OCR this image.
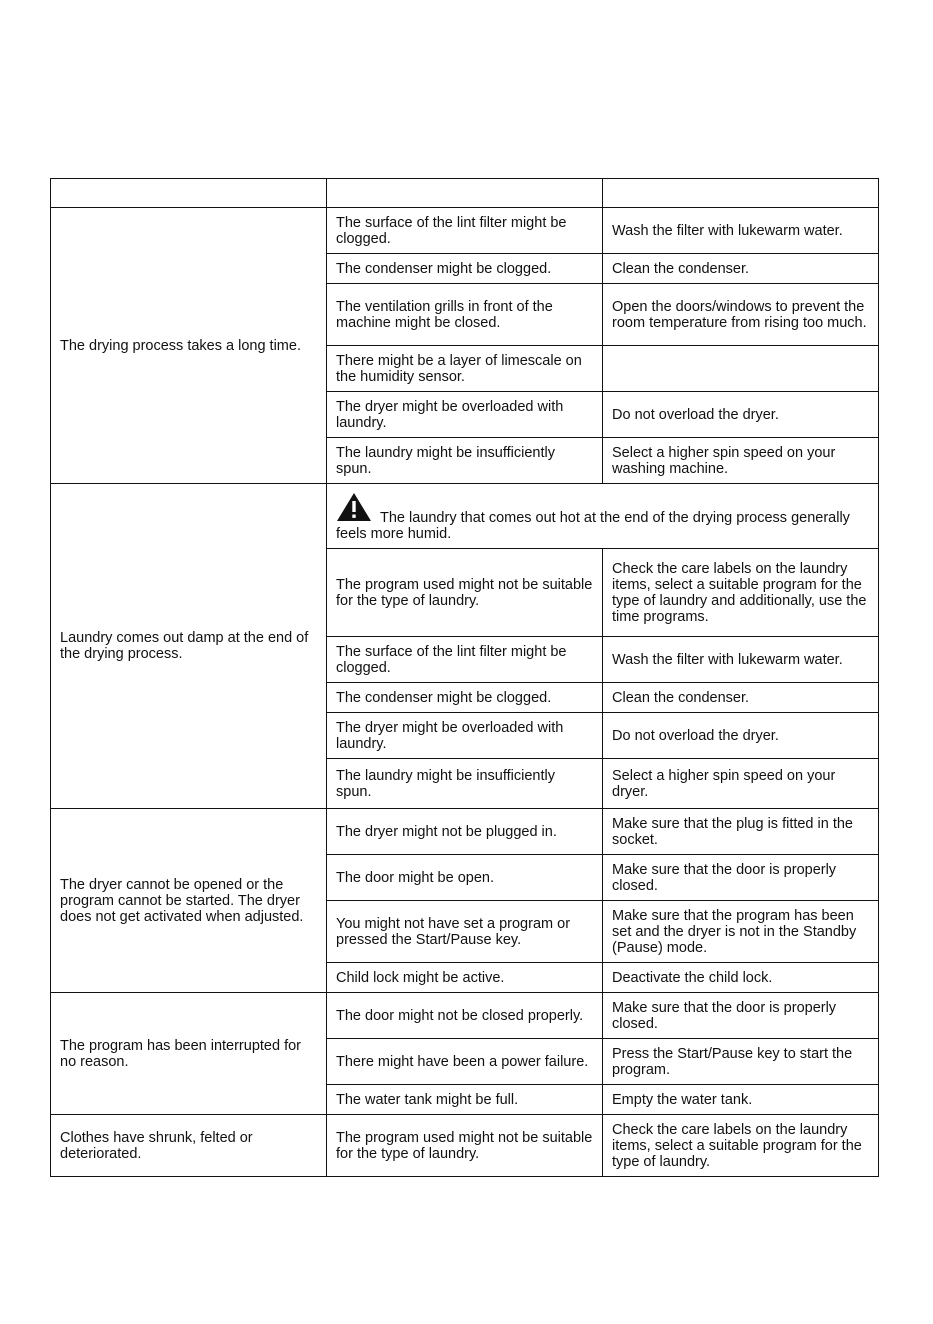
The drying process takes a long time.	The surface of the lint filter might be clogged.	Wash the filter with lukewarm water.
	The condenser might be clogged.	Clean the condenser.
	The ventilation grills in front of the machine might be closed.	Open the doors/windows to prevent the room temperature from rising too much.
	There might be a layer of limescale on the humidity sensor.	
	The dryer might be overloaded with laundry.	Do not overload the dryer.
	The laundry might be insufficiently spun.	Select a higher spin speed on your washing machine.
Laundry comes out damp at the end of the drying process.	The laundry that comes out hot at the end of the drying process generally feels more humid.	
	The program used might not be suitable for the type of laundry.	Check the care labels on the laundry items, select a suitable program for the type of laundry and additionally, use the time programs.
	The surface of the lint filter might be clogged.	Wash the filter with lukewarm water.
	The condenser might be clogged.	Clean the condenser.
	The dryer might be overloaded with laundry.	Do not overload the dryer.
	The laundry might be insufficiently spun.	Select a higher spin speed on your dryer.
The dryer cannot be opened or the program cannot be started. The dryer does not get activated when adjusted.	The dryer might not be plugged in.	Make sure that the plug is fitted in the socket.
	The door might be open.	Make sure that the door is properly closed.
	You might not have set a program or pressed the Start/Pause key.	Make sure that the program has been set and the dryer is not in the Standby (Pause) mode.
	Child lock might be active.	Deactivate the child lock.
The program has been interrupted for no reason.	The door might not be closed properly.	Make sure that the door is properly closed.
	There might have been a power failure.	Press the Start/Pause key to start the program.
	The water tank might be full.	Empty the water tank.
Clothes have shrunk, felted or deteriorated.	The program used might not be suitable for the type of laundry.	Check the care labels on the laundry items, select a suitable program for the type of laundry.
